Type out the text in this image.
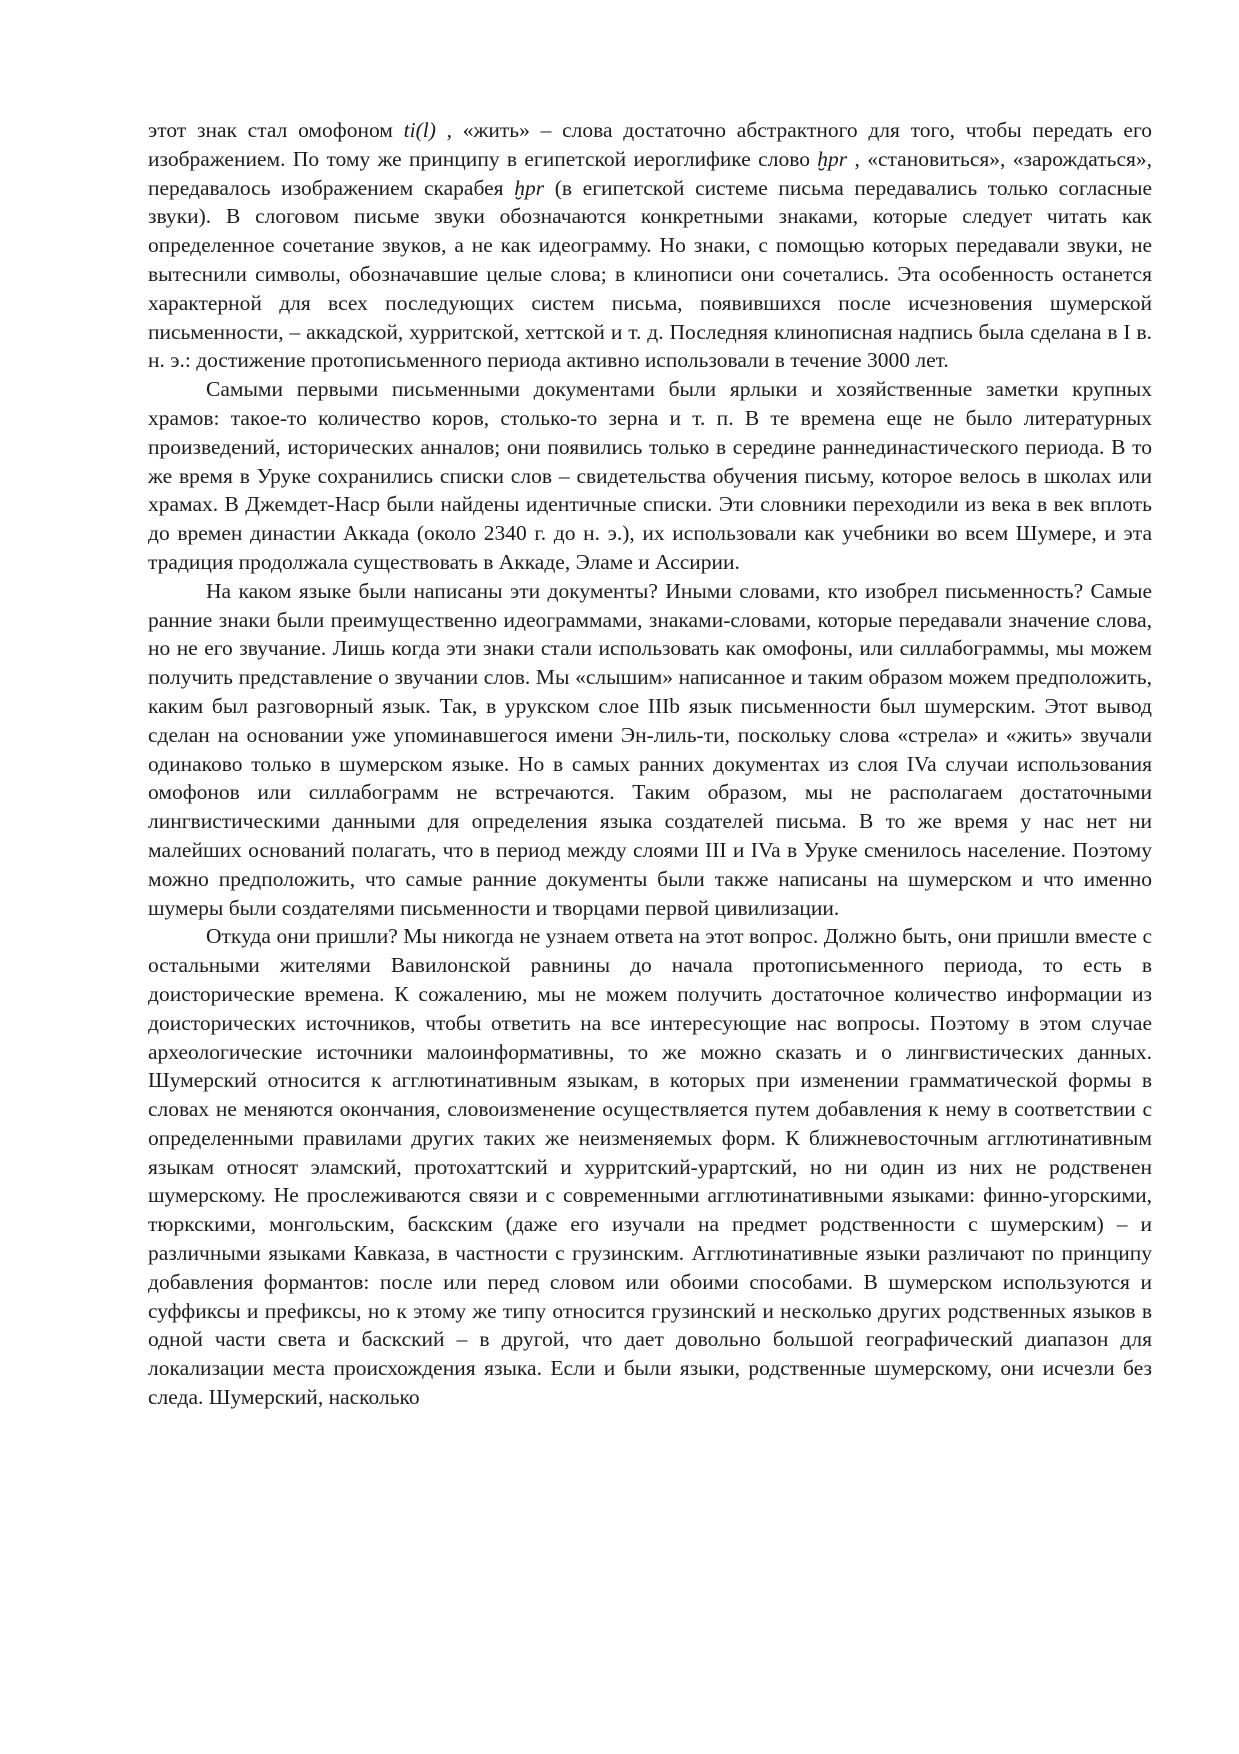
этот знак стал омофоном ti(l) , «жить» – слова достаточно абстрактного для того, чтобы передать его изображением. По тому же принципу в египетской иероглифике слово ḫpr , «становиться», «зарождаться», передавалось изображением скарабея ḫpr (в египетской системе письма передавались только согласные звуки). В слоговом письме звуки обозначаются конкретными знаками, которые следует читать как определенное сочетание звуков, а не как идеограмму. Но знаки, с помощью которых передавали звуки, не вытеснили символы, обозначавшие целые слова; в клинописи они сочетались. Эта особенность останется характерной для всех последующих систем письма, появившихся после исчезновения шумерской письменности, – аккадской, хурритской, хеттской и т. д. Последняя клинописная надпись была сделана в I в. н. э.: достижение протописьменного периода активно использовали в течение 3000 лет.

Самыми первыми письменными документами были ярлыки и хозяйственные заметки крупных храмов: такое-то количество коров, столько-то зерна и т. п. В те времена еще не было литературных произведений, исторических анналов; они появились только в середине раннединастического периода. В то же время в Уруке сохранились списки слов – свидетельства обучения письму, которое велось в школах или храмах. В Джемдет-Наср были найдены идентичные списки. Эти словники переходили из века в век вплоть до времен династии Аккада (около 2340 г. до н. э.), их использовали как учебники во всем Шумере, и эта традиция продолжала существовать в Аккаде, Эламе и Ассирии.

На каком языке были написаны эти документы? Иными словами, кто изобрел письменность? Самые ранние знаки были преимущественно идеограммами, знаками-словами, которые передавали значение слова, но не его звучание. Лишь когда эти знаки стали использовать как омофоны, или силлабограммы, мы можем получить представление о звучании слов. Мы «слышим» написанное и таким образом можем предположить, каким был разговорный язык. Так, в урукском слое IIIb язык письменности был шумерским. Этот вывод сделан на основании уже упоминавшегося имени Эн-лиль-ти, поскольку слова «стрела» и «жить» звучали одинаково только в шумерском языке. Но в самых ранних документах из слоя IVa случаи использования омофонов или силлабограмм не встречаются. Таким образом, мы не располагаем достаточными лингвистическими данными для определения языка создателей письма. В то же время у нас нет ни малейших оснований полагать, что в период между слоями III и IVa в Уруке сменилось население. Поэтому можно предположить, что самые ранние документы были также написаны на шумерском и что именно шумеры были создателями письменности и творцами первой цивилизации.

Откуда они пришли? Мы никогда не узнаем ответа на этот вопрос. Должно быть, они пришли вместе с остальными жителями Вавилонской равнины до начала протописьменного периода, то есть в доисторические времена. К сожалению, мы не можем получить достаточное количество информации из доисторических источников, чтобы ответить на все интересующие нас вопросы. Поэтому в этом случае археологические источники малоинформативны, то же можно сказать и о лингвистических данных. Шумерский относится к агглютинативным языкам, в которых при изменении грамматической формы в словах не меняются окончания, словоизменение осуществляется путем добавления к нему в соответствии с определенными правилами других таких же неизменяемых форм. К ближневосточным агглютинативным языкам относят эламский, протохаттский и хурритский-урартский, но ни один из них не родственен шумерскому. Не прослеживаются связи и с современными агглютинативными языками: финно-угорскими, тюркскими, монгольским, баскским (даже его изучали на предмет родственности с шумерским) – и различными языками Кавказа, в частности с грузинским. Агглютинативные языки различают по принципу добавления формантов: после или перед словом или обоими способами. В шумерском используются и суффиксы и префиксы, но к этому же типу относится грузинский и несколько других родственных языков в одной части света и баскский – в другой, что дает довольно большой географический диапазон для локализации места происхождения языка. Если и были языки, родственные шумерскому, они исчезли без следа. Шумерский, насколько
